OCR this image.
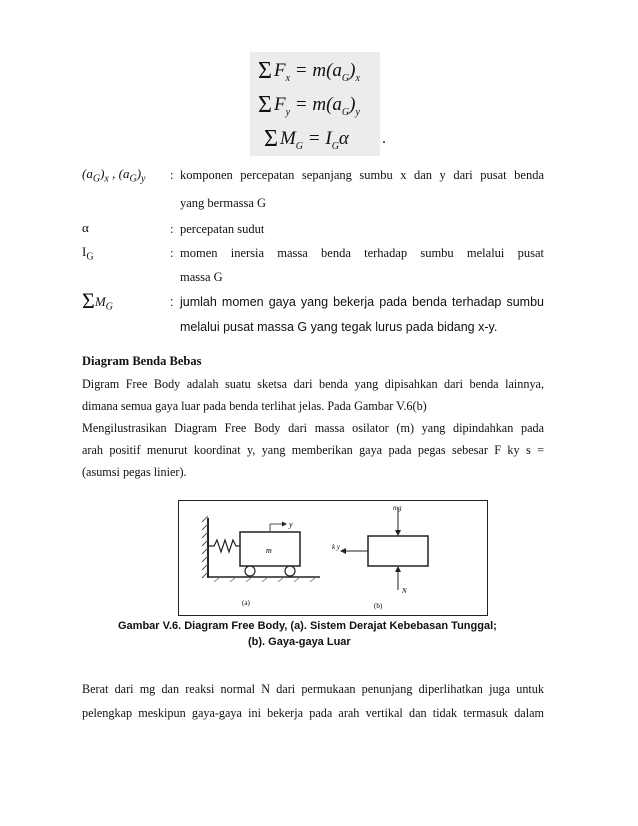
Σ $F_x = m(a_G)_x$
Σ $F_y = m(a_G)_y$
Σ $M_G = I_G\alpha$ .
$(a_G)_x$ , $(a_G)_y$ : komponen percepatan sepanjang sumbu x dan y dari pusat benda
yang bermassa G
α	: percepatan sudut
$I_G$	: momen inersia massa benda terhadap sumbu melalui pusat
massa G
$\Sigma M_G$	: jumlah momen gaya yang bekerja pada benda terhadap sumbu
melalui pusat massa G yang tegak lurus pada bidang x-y.
Diagram Benda Bebas
Digram Free Body adalah suatu sketsa dari benda yang dipisahkan dari benda lainnya,
dimana semua gaya luar pada benda terlihat jelas. Pada Gambar V.6(b)
Mengilustrasikan Diagram Free Body dari massa osilator (m) yang dipindahkan pada
arah positif menurut koordinat y, yang memberikan gaya pada pegas sebesar F ky s =
(asumsi pegas linier).
m
y
(a)
mg
k y
N
(b)
Gambar V.6. Diagram Free Body, (a). Sistem Derajat Kebebasan Tunggal;
(b). Gaya-gaya Luar
Berat dari mg dan reaksi normal N dari permukaan penunjang diperlihatkan juga untuk
pelengkap meskipun gaya-gaya ini bekerja pada arah vertikal dan tidak termasuk dalam
